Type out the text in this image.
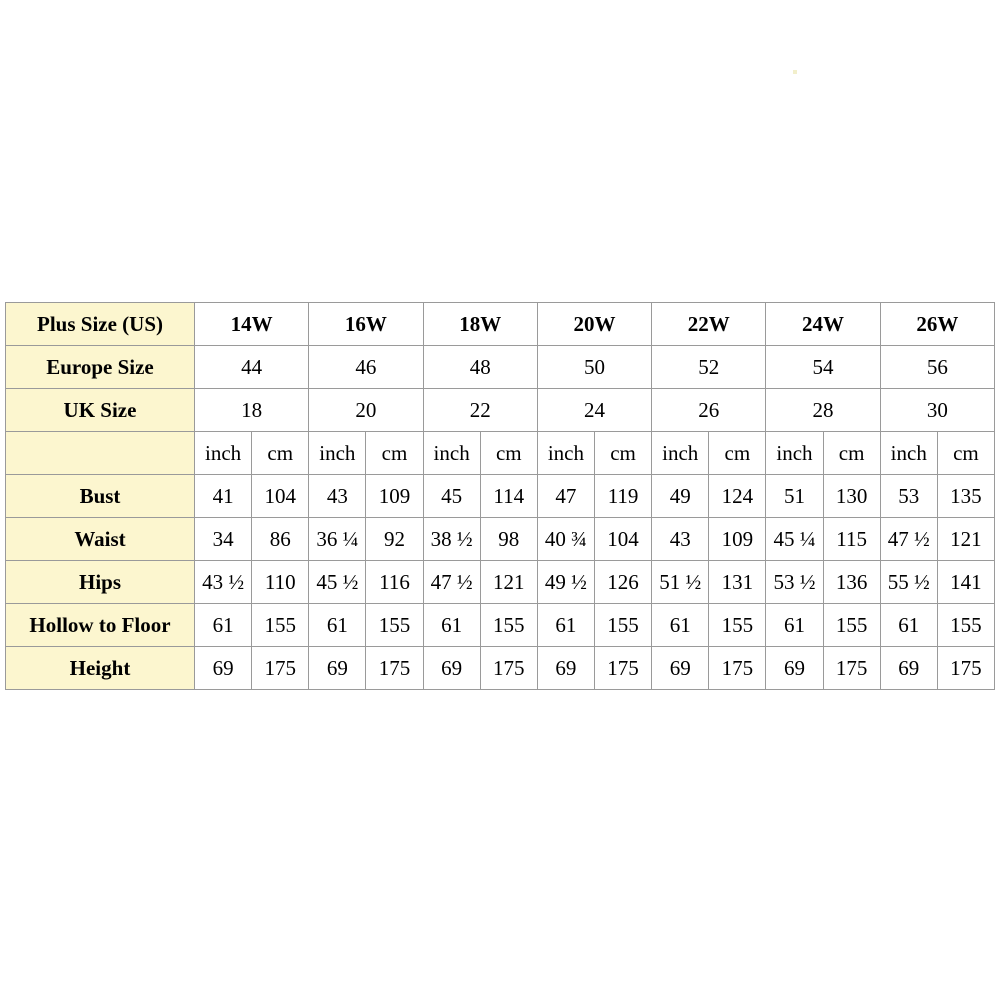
Plus Size (US)	14W		16W		18W		20W		22W		24W		26W	
Europe Size	44		46		48		50		52		54		56	
UK Size	18		20		22		24		26		28		30	
	inch	cm	inch	cm	inch	cm	inch	cm	inch	cm	inch	cm	inch	cm
Bust	41	104	43	109	45	114	47	119	49	124	51	130	53	135
Waist	34	86	36 ¼	92	38 ½	98	40 ¾	104	43	109	45 ¼	115	47 ½	121
Hips	43 ½	110	45 ½	116	47 ½	121	49 ½	126	51 ½	131	53 ½	136	55 ½	141
Hollow to Floor	61	155	61	155	61	155	61	155	61	155	61	155	61	155
Height	69	175	69	175	69	175	69	175	69	175	69	175	69	175
